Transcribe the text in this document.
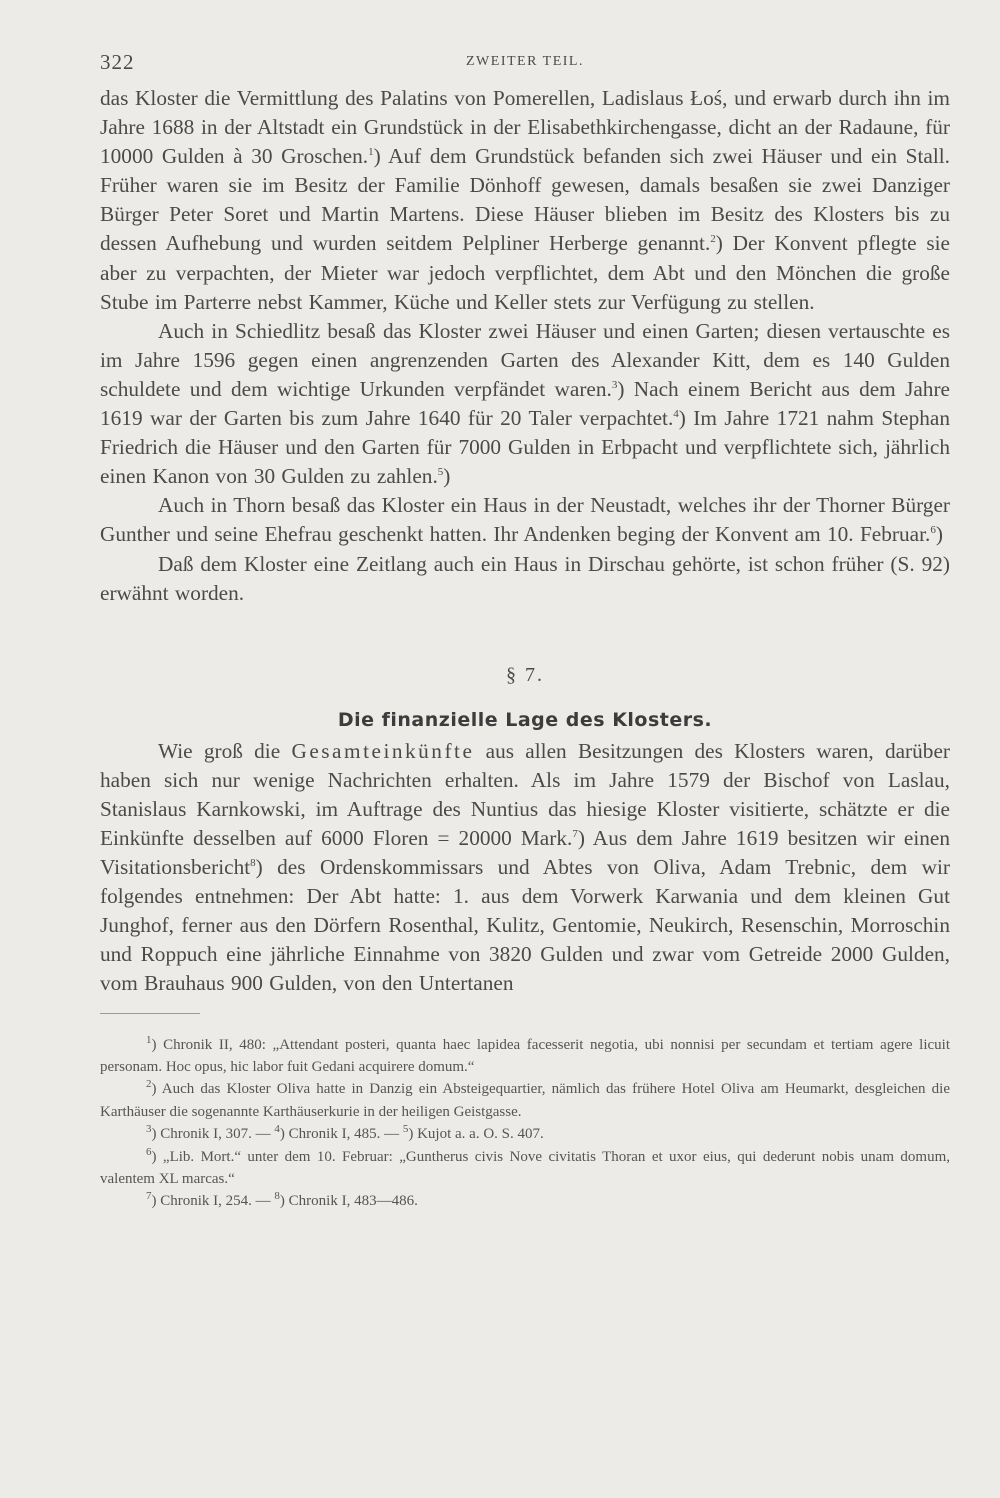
322	ZWEITER TEIL.

das Kloster die Vermittlung des Palatins von Pomerellen, Ladislaus Łoś, und erwarb durch ihn im Jahre 1688 in der Altstadt ein Grundstück in der Elisabethkirchengasse, dicht an der Radaune, für 10000 Gulden à 30 Groschen.$^1$) Auf dem Grundstück befanden sich zwei Häuser und ein Stall. Früher waren sie im Besitz der Familie Dönhoff gewesen, damals besaßen sie zwei Danziger Bürger Peter Soret und Martin Martens. Diese Häuser blieben im Besitz des Klosters bis zu dessen Aufhebung und wurden seitdem Pelpliner Herberge genannt.$^2$) Der Konvent pflegte sie aber zu verpachten, der Mieter war jedoch verpflichtet, dem Abt und den Mönchen die große Stube im Parterre nebst Kammer, Küche und Keller stets zur Verfügung zu stellen.

Auch in Schiedlitz besaß das Kloster zwei Häuser und einen Garten; diesen vertauschte es im Jahre 1596 gegen einen angrenzenden Garten des Alexander Kitt, dem es 140 Gulden schuldete und dem wichtige Urkunden verpfändet waren.$^3$) Nach einem Bericht aus dem Jahre 1619 war der Garten bis zum Jahre 1640 für 20 Taler verpachtet.$^4$) Im Jahre 1721 nahm Stephan Friedrich die Häuser und den Garten für 7000 Gulden in Erbpacht und verpflichtete sich, jährlich einen Kanon von 30 Gulden zu zahlen.$^5$)

Auch in Thorn besaß das Kloster ein Haus in der Neustadt, welches ihr der Thorner Bürger Gunther und seine Ehefrau geschenkt hatten. Ihr Andenken beging der Konvent am 10. Februar.$^6$)

Daß dem Kloster eine Zeitlang auch ein Haus in Dirschau gehörte, ist schon früher (S. 92) erwähnt worden.

§ 7.
Die finanzielle Lage des Klosters.

Wie groß die Gesamteinkünfte aus allen Besitzungen des Klosters waren, darüber haben sich nur wenige Nachrichten erhalten. Als im Jahre 1579 der Bischof von Laslau, Stanislaus Karnkowski, im Auftrage des Nuntius das hiesige Kloster visitierte, schätzte er die Einkünfte desselben auf 6000 Floren = 20000 Mark.$^7$) Aus dem Jahre 1619 besitzen wir einen Visitationsbericht$^8$) des Ordenskommissars und Abtes von Oliva, Adam Trebnic, dem wir folgendes entnehmen: Der Abt hatte: 1. aus dem Vorwerk Karwania und dem kleinen Gut Junghof, ferner aus den Dörfern Rosenthal, Kulitz, Gentomie, Neukirch, Resenschin, Morroschin und Roppuch eine jährliche Einnahme von 3820 Gulden und zwar vom Getreide 2000 Gulden, vom Brauhaus 900 Gulden, von den Untertanen

$^1$) Chronik II, 480: „Attendant posteri, quanta haec lapidea facesserit negotia, ubi nonnisi per secundam et tertiam agere licuit personam. Hoc opus, hic labor fuit Gedani acquirere domum.“

$^2$) Auch das Kloster Oliva hatte in Danzig ein Absteigequartier, nämlich das frühere Hotel Oliva am Heumarkt, desgleichen die Karthäuser die sogenannte Karthäuserkurie in der heiligen Geistgasse.

$^3$) Chronik I, 307. — $^4$) Chronik I, 485. — $^5$) Kujot a. a. O. S. 407.

$^6$) „Lib. Mort.“ unter dem 10. Februar: „Guntherus civis Nove civitatis Thoran et uxor eius, qui dederunt nobis unam domum, valentem XL marcas.“

$^7$) Chronik I, 254. — $^8$) Chronik I, 483—486.
